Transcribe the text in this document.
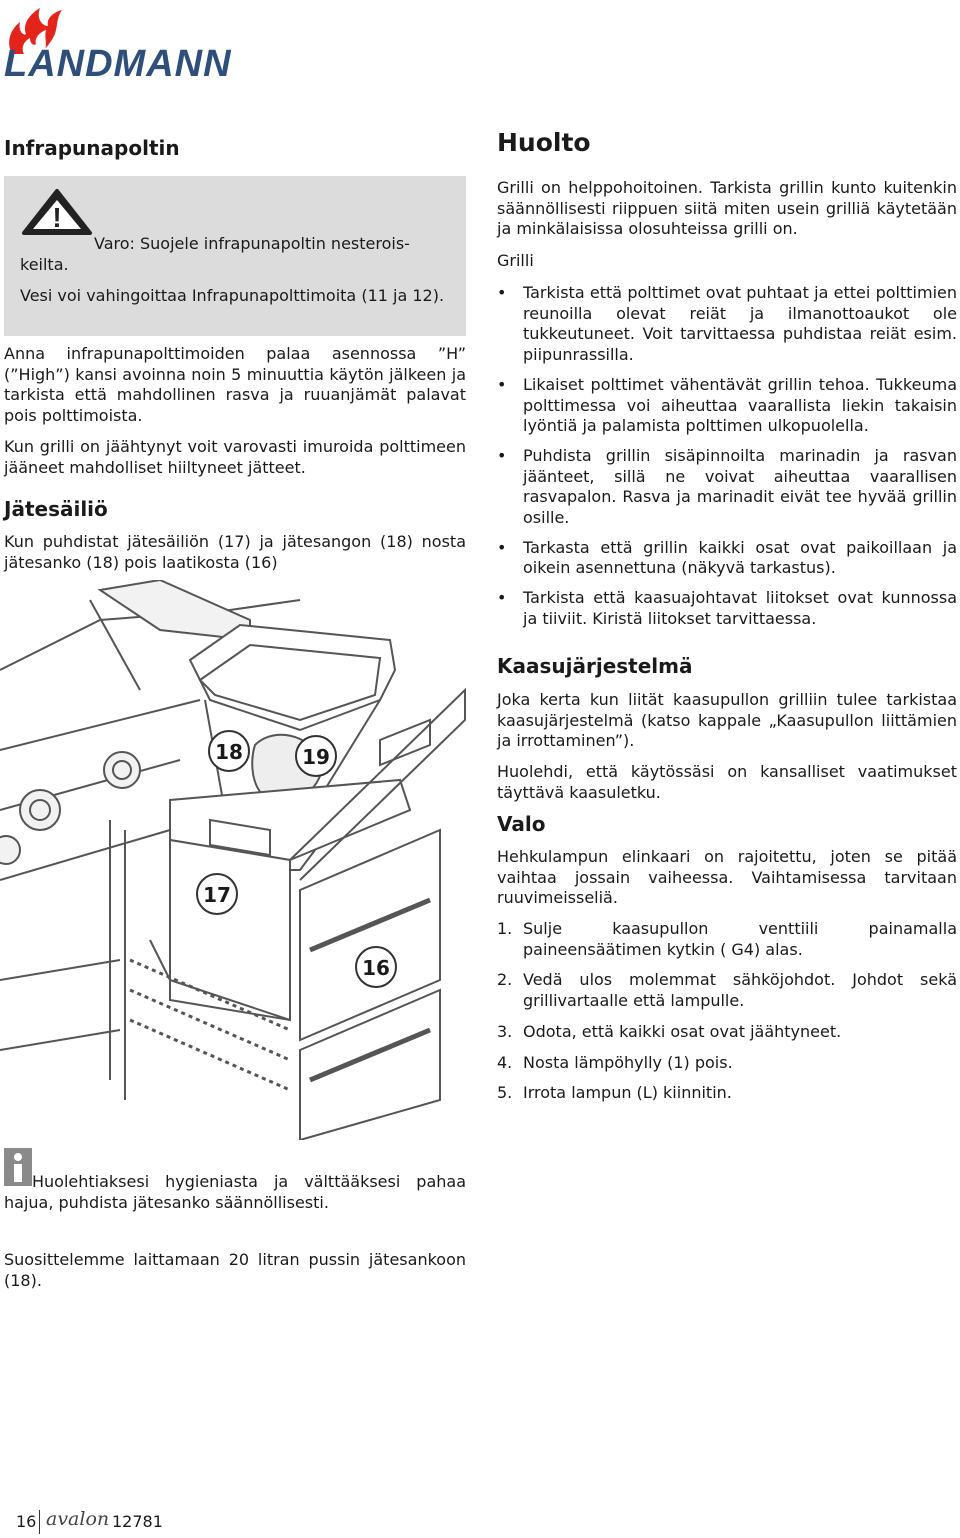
LANDMANN
Infrapunapoltin
!

Varo: Suojele infrapunapoltin nesterois-
keilta.

Vesi voi vahingoittaa Infrapunapolttimoita (11 ja 12).

Anna infrapunapolttimoiden palaa asennossa ”H” (”High”) kansi avoinna noin 5 minuuttia käytön jälkeen ja tarkista että mahdollinen rasva ja ruuanjämät palavat pois polttimoista.

Kun grilli on jäähtynyt voit varovasti imuroida polttimeen jääneet mahdolliset hiiltyneet jätteet.

Jätesäiliö

Kun puhdistat jätesäiliön (17) ja jätesangon (18) nosta jätesanko (18) pois laatikosta (16)

18	19
17
16

Huolehtiaksesi hygieniasta ja välttääksesi pahaa hajua, puhdista jätesanko säännöllisesti.

Suosittelemme laittamaan 20 litran pussin jätesankoon (18).

Huolto

Grilli on helppohoitoinen. Tarkista grillin kunto kuitenkin säännöllisesti riippuen siitä miten usein grilliä käytetään ja minkälaisissa olosuhteissa grilli on.

Grilli

• Tarkista että polttimet ovat puhtaat ja ettei polttimien reunoilla olevat reiät ja ilmanottoaukot ole tukkeutuneet. Voit tarvittaessa puhdistaa reiät esim. piipunrassilla.
• Likaiset polttimet vähentävät grillin tehoa. Tukkeuma polttimessa voi aiheuttaa vaarallista liekin takaisin lyöntiä ja palamista polttimen ulkopuolella.
• Puhdista grillin sisäpinnoilta marinadin ja rasvan jäänteet, sillä ne voivat aiheuttaa vaarallisen rasvapalon. Rasva ja marinadit eivät tee hyvää grillin osille.
• Tarkasta että grillin kaikki osat ovat paikoillaan ja oikein asennettuna (näkyvä tarkastus).
• Tarkista että kaasuajohtavat liitokset ovat kunnossa ja tiiviit. Kiristä liitokset tarvittaessa.
Kaasujärjestelmä

Joka kerta kun liität kaasupullon grilliin tulee tarkistaa kaasujärjestelmä (katso kappale „Kaasupullon liittämien ja irrottaminen”).

Huolehdi, että käytössäsi on kansalliset vaatimukset täyttävä kaasuletku.

Valo

Hehkulampun elinkaari on rajoitettu, joten se pitää vaihtaa jossain vaiheessa. Vaihtamisessa tarvitaan ruuvimeisseliä.

1. Sulje kaasupullon venttiili painamalla paineensäätimen kytkin ( G4) alas.
2. Vedä ulos molemmat sähköjohdot. Johdot sekä grillivartaalle että lampulle.
3. Odota, että kaikki osat ovat jäähtyneet.
4. Nosta lämpöhylly (1) pois.
5. Irrota lampun (L) kiinnitin.
16 avalon 12781
